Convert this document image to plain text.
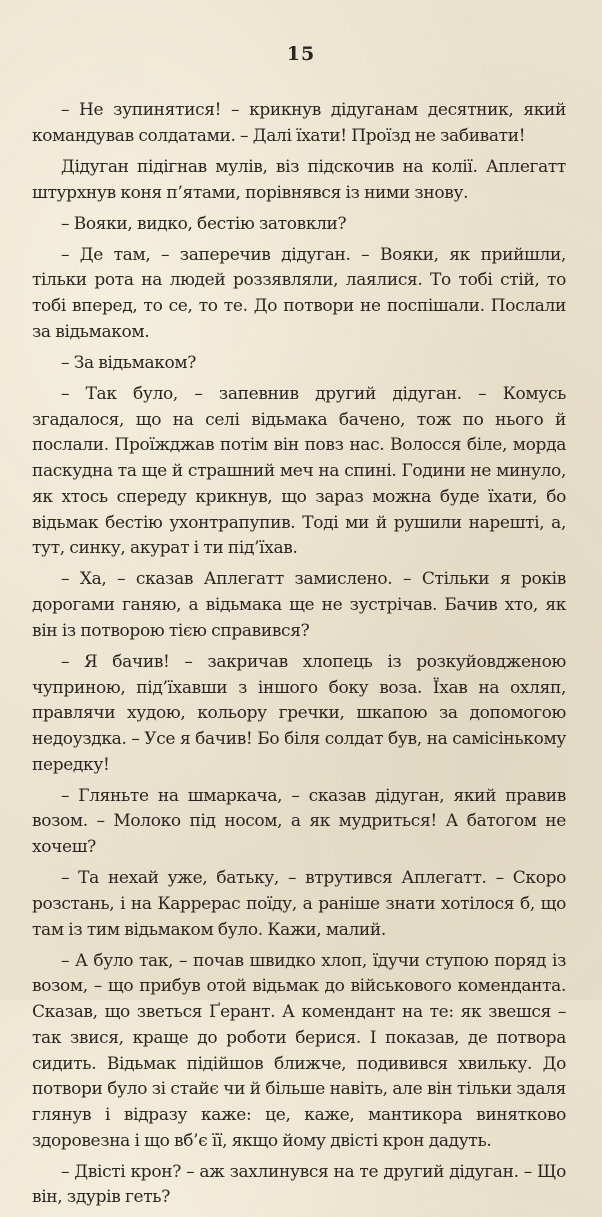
15

– Не зупинятися! – крикнув дідуганам десятник, який командував солдатами. – Далі їхати! Проїзд не забивати!

Дідуган підігнав мулів, віз підскочив на колії. Аплегатт штурхнув коня п’ятами, порівнявся із ними знову.

– Вояки, видко, бестію затовкли?

– Де там, – заперечив дідуган. – Вояки, як прийшли, тільки рота на людей роззявляли, лаялися. То тобі стій, то тобі вперед, то се, то те. До потвори не поспішали. Послали за відьмаком.

– За відьмаком?

– Так було, – запевнив другий дідуган. – Комусь згадалося, що на селі відьмака бачено, тож по нього й послали. Проїжджав потім він повз нас. Волосся біле, морда паскудна та ще й страшний меч на спині. Години не минуло, як хтось спереду крикнув, що зараз можна буде їхати, бо відьмак бестію ухонтрапупив. Тоді ми й рушили нарешті, а, тут, синку, акурат і ти під’їхав.

– Ха, – сказав Аплегатт замислено. – Стільки я років дорогами ганяю, а відьмака ще не зустрічав. Бачив хто, як він із потворою тією справився?

– Я бачив! – закричав хлопець із розкуйовдженою чуприною, під’їхавши з іншого боку воза. Їхав на охляп, правлячи худою, кольору гречки, шкапою за допомогою недоуздка. – Усе я бачив! Бо біля солдат був, на самісінькому передку!

– Гляньте на шмаркача, – сказав дідуган, який правив возом. – Молоко під носом, а як мудриться! А батогом не хочеш?

– Та нехай уже, батьку, – втрутився Аплегатт. – Скоро розстань, і на Каррерас поїду, а раніше знати хотілося б, що там із тим відьмаком було. Кажи, малий.

– А було так, – почав швидко хлоп, їдучи ступою поряд із возом, – що прибув отой відьмак до військового коменданта. Сказав, що зветься Ґерант. А комендант на те: як звешся – так звися, краще до роботи берися. І показав, де потвора сидить. Відьмак підійшов ближче, подивився хвильку. До потвори було зі стайє чи й більше навіть, але він тільки здаля глянув і відразу каже: це, каже, мантикора винятково здоровезна і що вб’є її, якщо йому двісті крон дадуть.

– Двісті крон? – аж захлинувся на те другий дідуган. – Що він, здурів геть?
